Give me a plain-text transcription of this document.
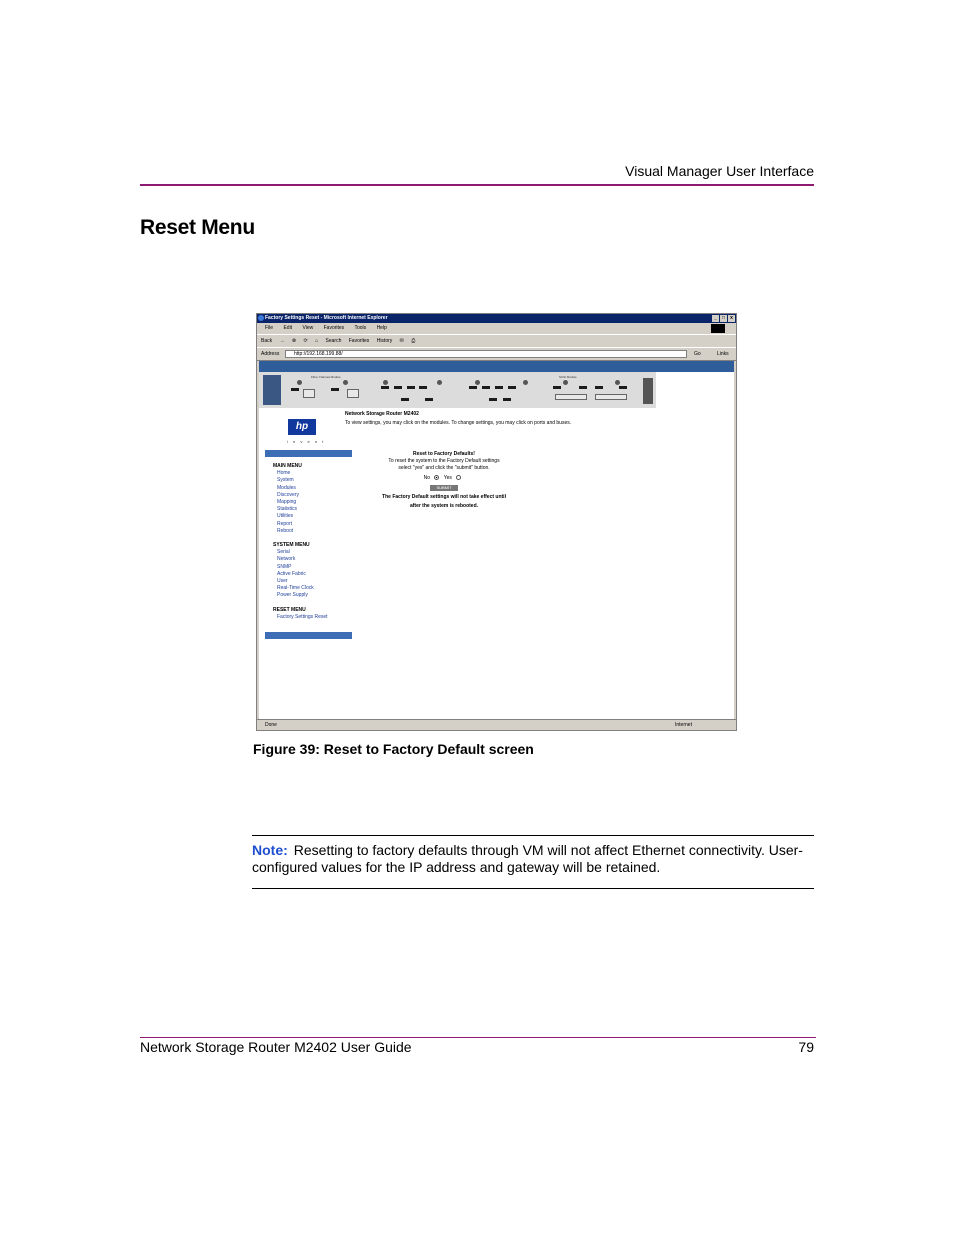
Visual Manager User Interface
Reset Menu
Factory Settings Reset - Microsoft Internet Explorer	_	□	x
File Edit View Favorites Tools Help
Back → ⊗ ⟳ ⌂ Search Favorites History ✉ ⎙
Address	http://192.168.199.88/	Go	Links
Fibre Channel Module	SCSI Module
hp
i n v e n t
MAIN MENU
Home
System
Modules
Discovery
Mapping
Statistics
Utilities
Report
Reboot
SYSTEM MENU
Serial
Network
SNMP
Active Fabric
User
Real-Time Clock
Power Supply
RESET MENU
Factory Settings Reset
Network Storage Router M2402
To view settings, you may click on the modules. To change settings, you may click on ports and buses.
Reset to Factory Defaults!
To reset the system to the Factory Default settings
select "yes" and click the "submit" button.
No	Yes
SUBMIT
The Factory Default settings will not take effect until
after the system is rebooted.
Done	Internet
Figure 39: Reset to Factory Default screen
Note: Resetting to factory defaults through VM will not affect Ethernet connectivity. User-configured values for the IP address and gateway will be retained.
Network Storage Router M2402 User Guide	79
